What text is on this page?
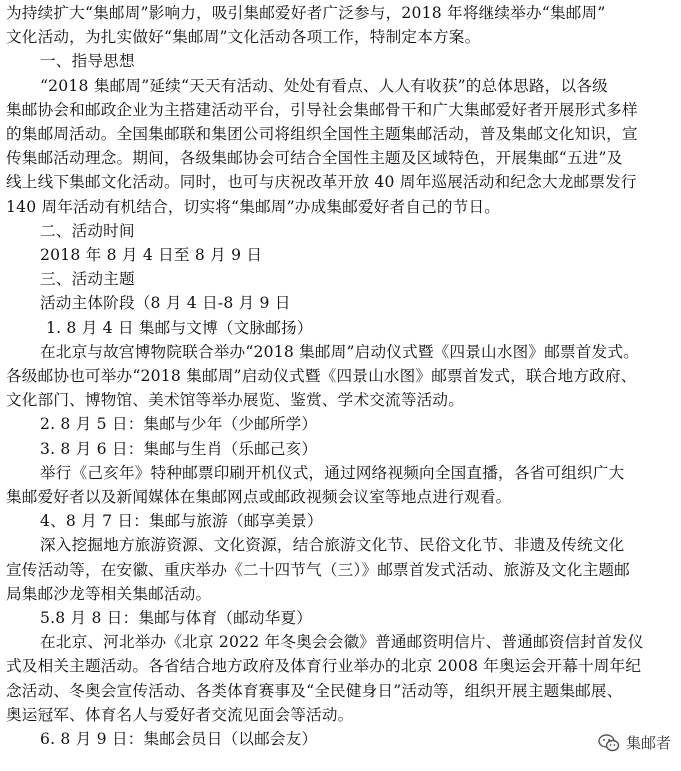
为持续扩大“集邮周”影响力，吸引集邮爱好者广泛参与，2018 年将继续举办“集邮周”
文化活动，为扎实做好“集邮周”文化活动各项工作，特制定本方案。
一、指导思想
“2018 集邮周”延续“天天有活动、处处有看点、人人有收获”的总体思路，以各级
集邮协会和邮政企业为主搭建活动平台，引导社会集邮骨干和广大集邮爱好者开展形式多样
的集邮周活动。全国集邮联和集团公司将组织全国性主题集邮活动，普及集邮文化知识，宣
传集邮活动理念。期间，各级集邮协会可结合全国性主题及区域特色，开展集邮“五进”及
线上线下集邮文化活动。同时，也可与庆祝改革开放 40 周年巡展活动和纪念大龙邮票发行
140 周年活动有机结合，切实将“集邮周”办成集邮爱好者自己的节日。
二、活动时间
2018 年 8 月 4 日至 8 月 9 日
三、活动主题
活动主体阶段（8 月 4 日-8 月 9 日
1. 8 月 4 日 集邮与文博（文脉邮扬）
在北京与故宫博物院联合举办“2018 集邮周”启动仪式暨《四景山水图》邮票首发式。
各级邮协也可举办“2018 集邮周”启动仪式暨《四景山水图》邮票首发式，联合地方政府、
文化部门、博物馆、美术馆等举办展览、鉴赏、学术交流等活动。
2. 8 月 5 日：集邮与少年（少邮所学）
3. 8 月 6 日：集邮与生肖（乐邮己亥）
举行《己亥年》特种邮票印刷开机仪式，通过网络视频向全国直播，各省可组织广大
集邮爱好者以及新闻媒体在集邮网点或邮政视频会议室等地点进行观看。
4、8 月 7 日：集邮与旅游（邮享美景）
深入挖掘地方旅游资源、文化资源，结合旅游文化节、民俗文化节、非遗及传统文化
宣传活动等，在安徽、重庆举办《二十四节气（三）》邮票首发式活动、旅游及文化主题邮
局集邮沙龙等相关集邮活动。
5.8 月 8 日：集邮与体育（邮动华夏）
在北京、河北举办《北京 2022 年冬奥会会徽》普通邮资明信片、普通邮资信封首发仪
式及相关主题活动。各省结合地方政府及体育行业举办的北京 2008 年奥运会开幕十周年纪
念活动、冬奥会宣传活动、各类体育赛事及“全民健身日”活动等，组织开展主题集邮展、
奥运冠军、体育名人与爱好者交流见面会等活动。
6. 8 月 9 日：集邮会员日（以邮会友）	集邮者
